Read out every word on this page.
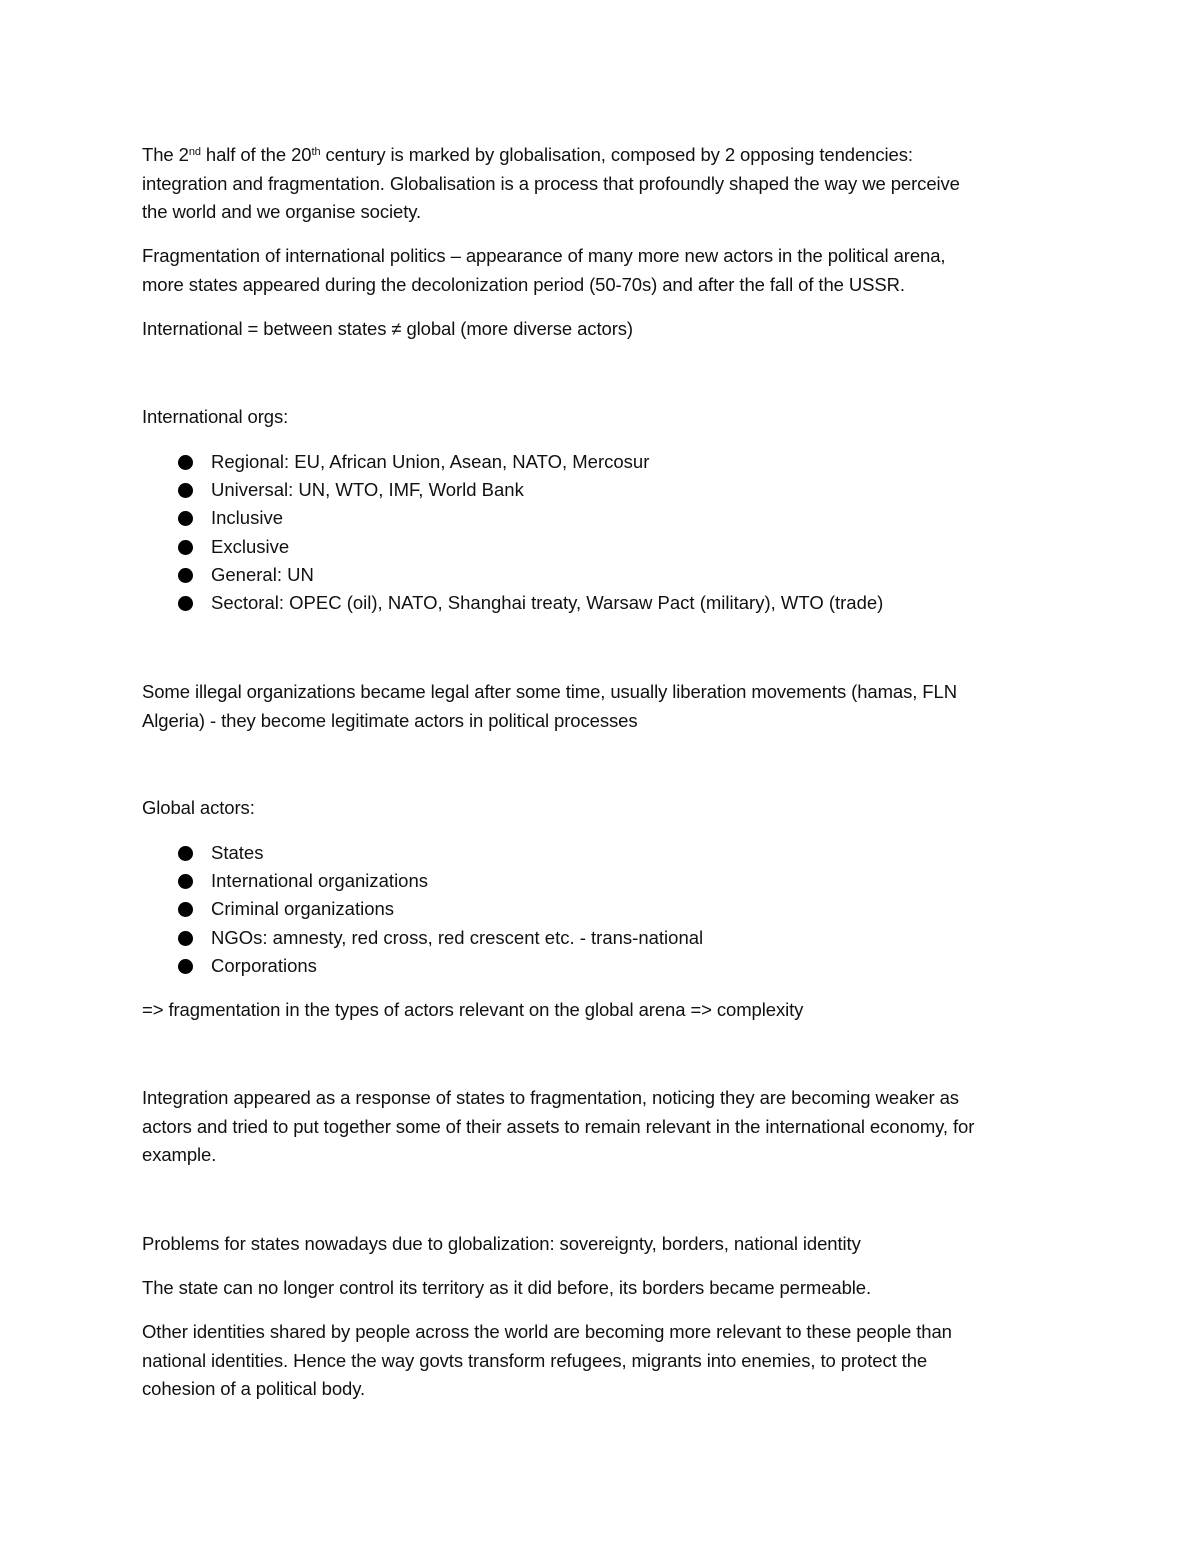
The 2nd half of the 20th century is marked by globalisation, composed by 2 opposing tendencies:
integration and fragmentation. Globalisation is a process that profoundly shaped the way we perceive
the world and we organise society.
Fragmentation of international politics – appearance of many more new actors in the political arena,
more states appeared during the decolonization period (50-70s) and after the fall of the USSR.
International = between states ≠ global (more diverse actors)
International orgs:
Regional: EU, African Union, Asean, NATO, Mercosur
Universal: UN, WTO, IMF, World Bank
Inclusive
Exclusive
General: UN
Sectoral: OPEC (oil), NATO, Shanghai treaty, Warsaw Pact (military), WTO (trade)
Some illegal organizations became legal after some time, usually liberation movements (hamas, FLN
Algeria) - they become legitimate actors in political processes
Global actors:
States
International organizations
Criminal organizations
NGOs: amnesty, red cross, red crescent etc. - trans-national
Corporations
=> fragmentation in the types of actors relevant on the global arena => complexity
Integration appeared as a response of states to fragmentation, noticing they are becoming weaker as
actors and tried to put together some of their assets to remain relevant in the international economy, for
example.
Problems for states nowadays due to globalization: sovereignty, borders, national identity
The state can no longer control its territory as it did before, its borders became permeable.
Other identities shared by people across the world are becoming more relevant to these people than
national identities. Hence the way govts transform refugees, migrants into enemies, to protect the
cohesion of a political body.
